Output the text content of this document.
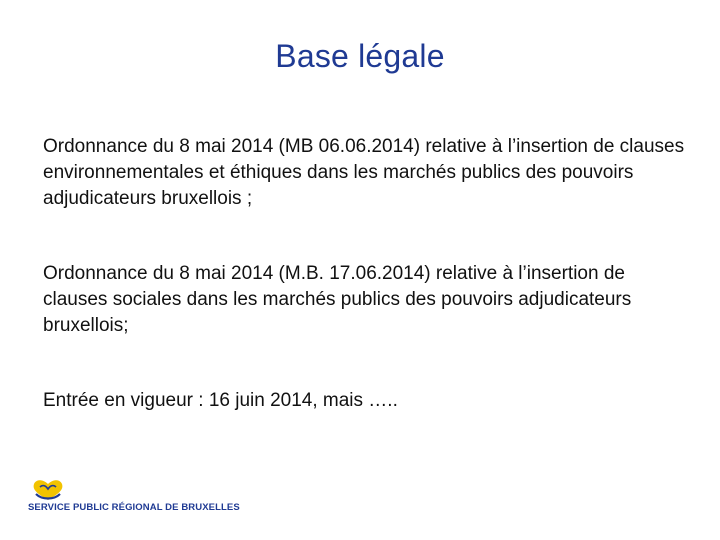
Base légale
Ordonnance du 8 mai 2014 (MB 06.06.2014) relative à l’insertion de clauses environnementales et éthiques dans les marchés publics des pouvoirs adjudicateurs bruxellois ;
Ordonnance du 8 mai 2014 (M.B. 17.06.2014) relative à l’insertion de clauses sociales dans les marchés publics des pouvoirs adjudicateurs bruxellois;
Entrée en vigueur : 16 juin 2014, mais …..
SERVICE PUBLIC RÉGIONAL DE BRUXELLES
